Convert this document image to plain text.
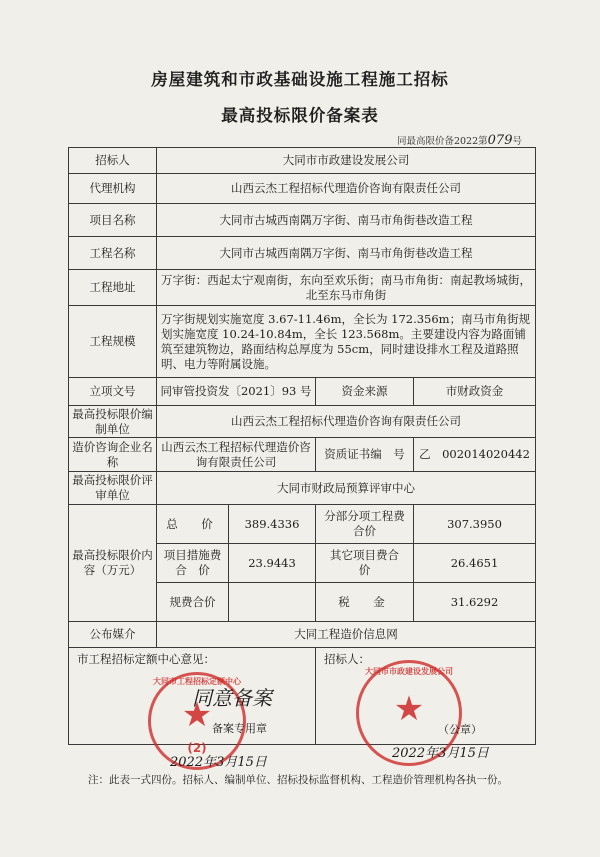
房屋建筑和市政基础设施工程施工招标
最高投标限价备案表
同最高限价备2022第079号
招标人	大同市市政建设发展公司			
代理机构	山西云杰工程招标代理造价咨询有限责任公司			
项目名称	大同市古城西南隅万字街、南马市角街巷改造工程			
工程名称	大同市古城西南隅万字街、南马市角街巷改造工程			
工程地址	万字街：西起太宁观南街，东向至欢乐街；南马市角街：南起教场城街，北至东马市角街			
工程规模	万字街规划实施宽度 3.67-11.46m，全长为 172.356m；南马市角街规划实施宽度 10.24-10.84m，全长 123.568m。主要建设内容为路面铺筑至建筑物边，路面结构总厚度为 55cm，同时建设排水工程及道路照明、电力等附属设施。			
立项文号	同审管投资发〔2021〕93 号		资金来源	市财政资金
最高投标限价编制单位	山西云杰工程招标代理造价咨询有限责任公司			
造价咨询企业名称	山西云杰工程招标代理造价咨询有限责任公司		资质证书编　号	乙　002014020442
最高投标限价评审单位	大同市财政局预算评审中心			
最高投标限价内容（万元）	总　价	389.4336	分部分项工程费合价	307.3950
	项目措施费合　价	23.9443	其它项目费合　价	26.4651
	规费合价		税　金	31.6292
公布媒介	大同工程造价信息网			
市工程招标定额中心意见：			招标人：	
★
大同市工程招标定额中心
(2)
同意备案
备案专用章
2022年3月15日
★
大同市市政建设发展公司
（公章）
2022年3月15日
注：此表一式四份。招标人、编制单位、招标投标监督机构、工程造价管理机构各执一份。
